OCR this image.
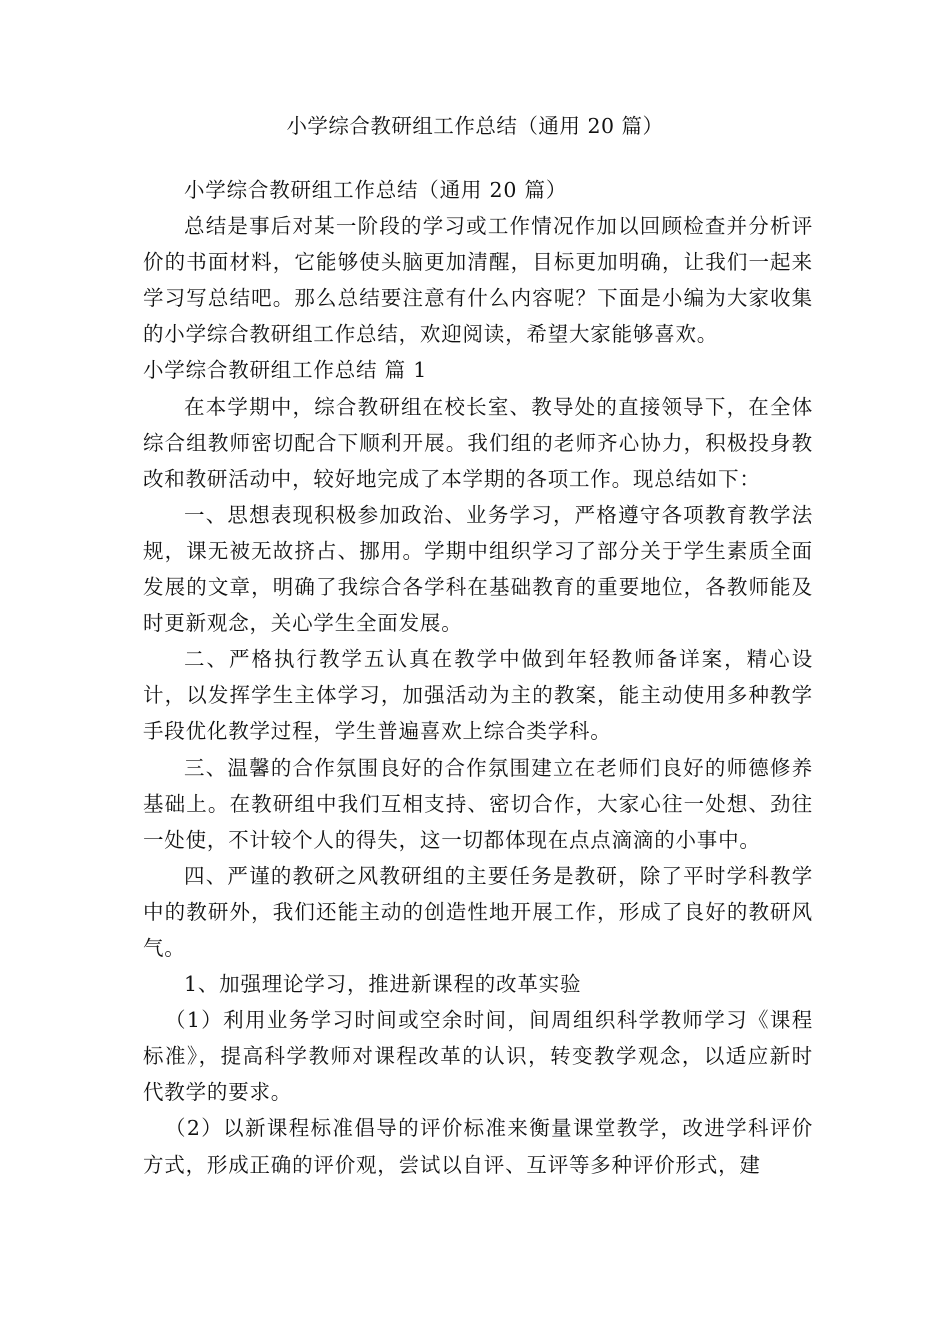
小学综合教研组工作总结（通用 20 篇）

小学综合教研组工作总结（通用 20 篇）

总结是事后对某一阶段的学习或工作情况作加以回顾检查并分析评价的书面材料，它能够使头脑更加清醒，目标更加明确，让我们一起来学习写总结吧。那么总结要注意有什么内容呢？下面是小编为大家收集的小学综合教研组工作总结，欢迎阅读，希望大家能够喜欢。

小学综合教研组工作总结 篇 1

在本学期中，综合教研组在校长室、教导处的直接领导下，在全体综合组教师密切配合下顺利开展。我们组的老师齐心协力，积极投身教改和教研活动中，较好地完成了本学期的各项工作。现总结如下：

一、思想表现积极参加政治、业务学习，严格遵守各项教育教学法规，课无被无故挤占、挪用。学期中组织学习了部分关于学生素质全面发展的文章，明确了我综合各学科在基础教育的重要地位，各教师能及时更新观念，关心学生全面发展。

二、严格执行教学五认真在教学中做到年轻教师备详案，精心设计，以发挥学生主体学习，加强活动为主的教案，能主动使用多种教学手段优化教学过程，学生普遍喜欢上综合类学科。

三、温馨的合作氛围良好的合作氛围建立在老师们良好的师德修养基础上。在教研组中我们互相支持、密切合作，大家心往一处想、劲往一处使，不计较个人的得失，这一切都体现在点点滴滴的小事中。

四、严谨的教研之风教研组的主要任务是教研，除了平时学科教学中的教研外，我们还能主动的创造性地开展工作，形成了良好的教研风气。

1、加强理论学习，推进新课程的改革实验

（1）利用业务学习时间或空余时间，间周组织科学教师学习《课程标准》，提高科学教师对课程改革的认识，转变教学观念，以适应新时代教学的要求。

（2）以新课程标准倡导的评价标准来衡量课堂教学，改进学科评价方式，形成正确的评价观，尝试以自评、互评等多种评价形式，建
